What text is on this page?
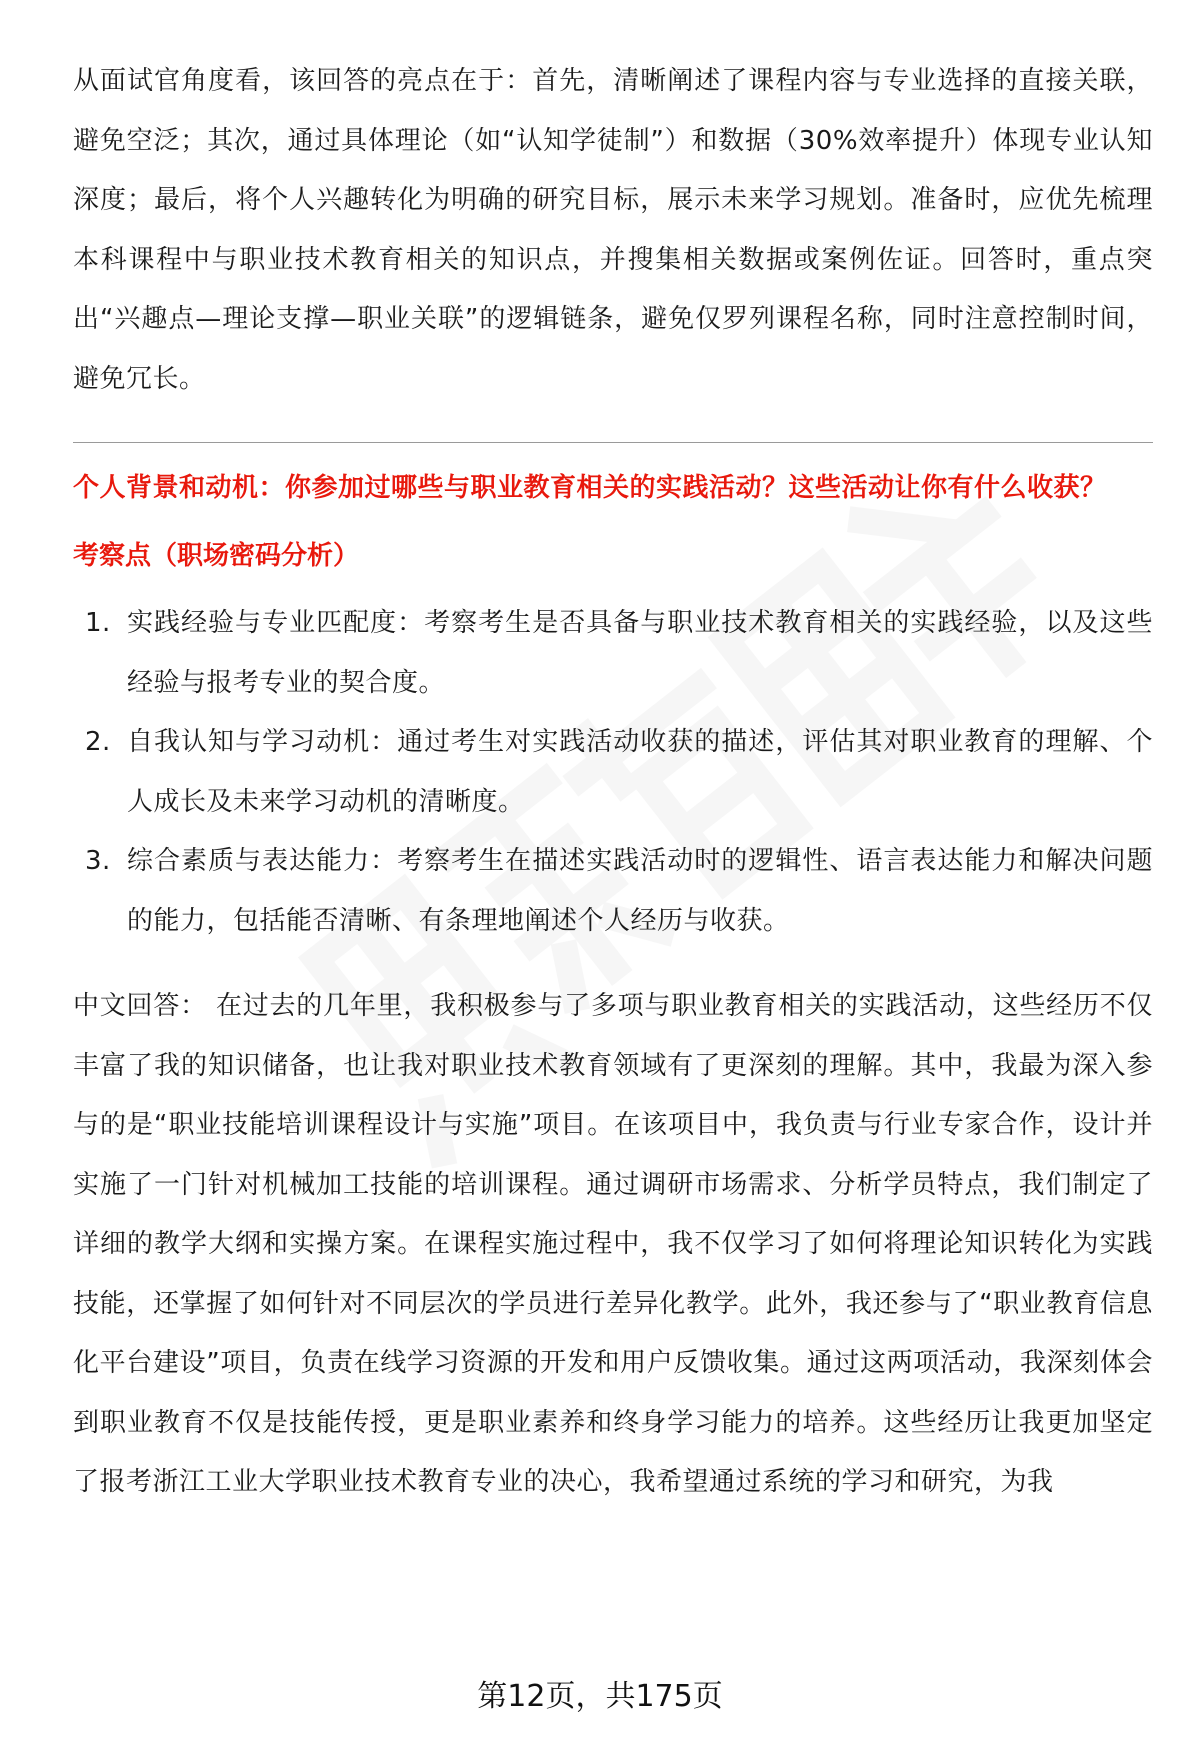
从面试官角度看，该回答的亮点在于：首先，清晰阐述了课程内容与专业选择的直接关联，避免空泛；其次，通过具体理论（如“认知学徒制”）和数据（30%效率提升）体现专业认知深度；最后，将个人兴趣转化为明确的研究目标，展示未来学习规划。准备时，应优先梳理本科课程中与职业技术教育相关的知识点，并搜集相关数据或案例佐证。回答时，重点突出“兴趣点—理论支撑—职业关联”的逻辑链条，避免仅罗列课程名称，同时注意控制时间，避免冗长。

个人背景和动机：你参加过哪些与职业教育相关的实践活动？这些活动让你有什么收获？
考察点（职场密码分析）
1. 实践经验与专业匹配度：考察考生是否具备与职业技术教育相关的实践经验，以及这些经验与报考专业的契合度。
2. 自我认知与学习动机：通过考生对实践活动收获的描述，评估其对职业教育的理解、个人成长及未来学习动机的清晰度。
3. 综合素质与表达能力：考察考生在描述实践活动时的逻辑性、语言表达能力和解决问题的能力，包括能否清晰、有条理地阐述个人经历与收获。

中文回答： 在过去的几年里，我积极参与了多项与职业教育相关的实践活动，这些经历不仅丰富了我的知识储备，也让我对职业技术教育领域有了更深刻的理解。其中，我最为深入参与的是“职业技能培训课程设计与实施”项目。在该项目中，我负责与行业专家合作，设计并实施了一门针对机械加工技能的培训课程。通过调研市场需求、分析学员特点，我们制定了详细的教学大纲和实操方案。在课程实施过程中，我不仅学习了如何将理论知识转化为实践技能，还掌握了如何针对不同层次的学员进行差异化教学。此外，我还参与了“职业教育信息化平台建设”项目，负责在线学习资源的开发和用户反馈收集。通过这两项活动，我深刻体会到职业教育不仅是技能传授，更是职业素养和终身学习能力的培养。这些经历让我更加坚定了报考浙江工业大学职业技术教育专业的决心，我希望通过系统的学习和研究，为我

第12页，共175页
